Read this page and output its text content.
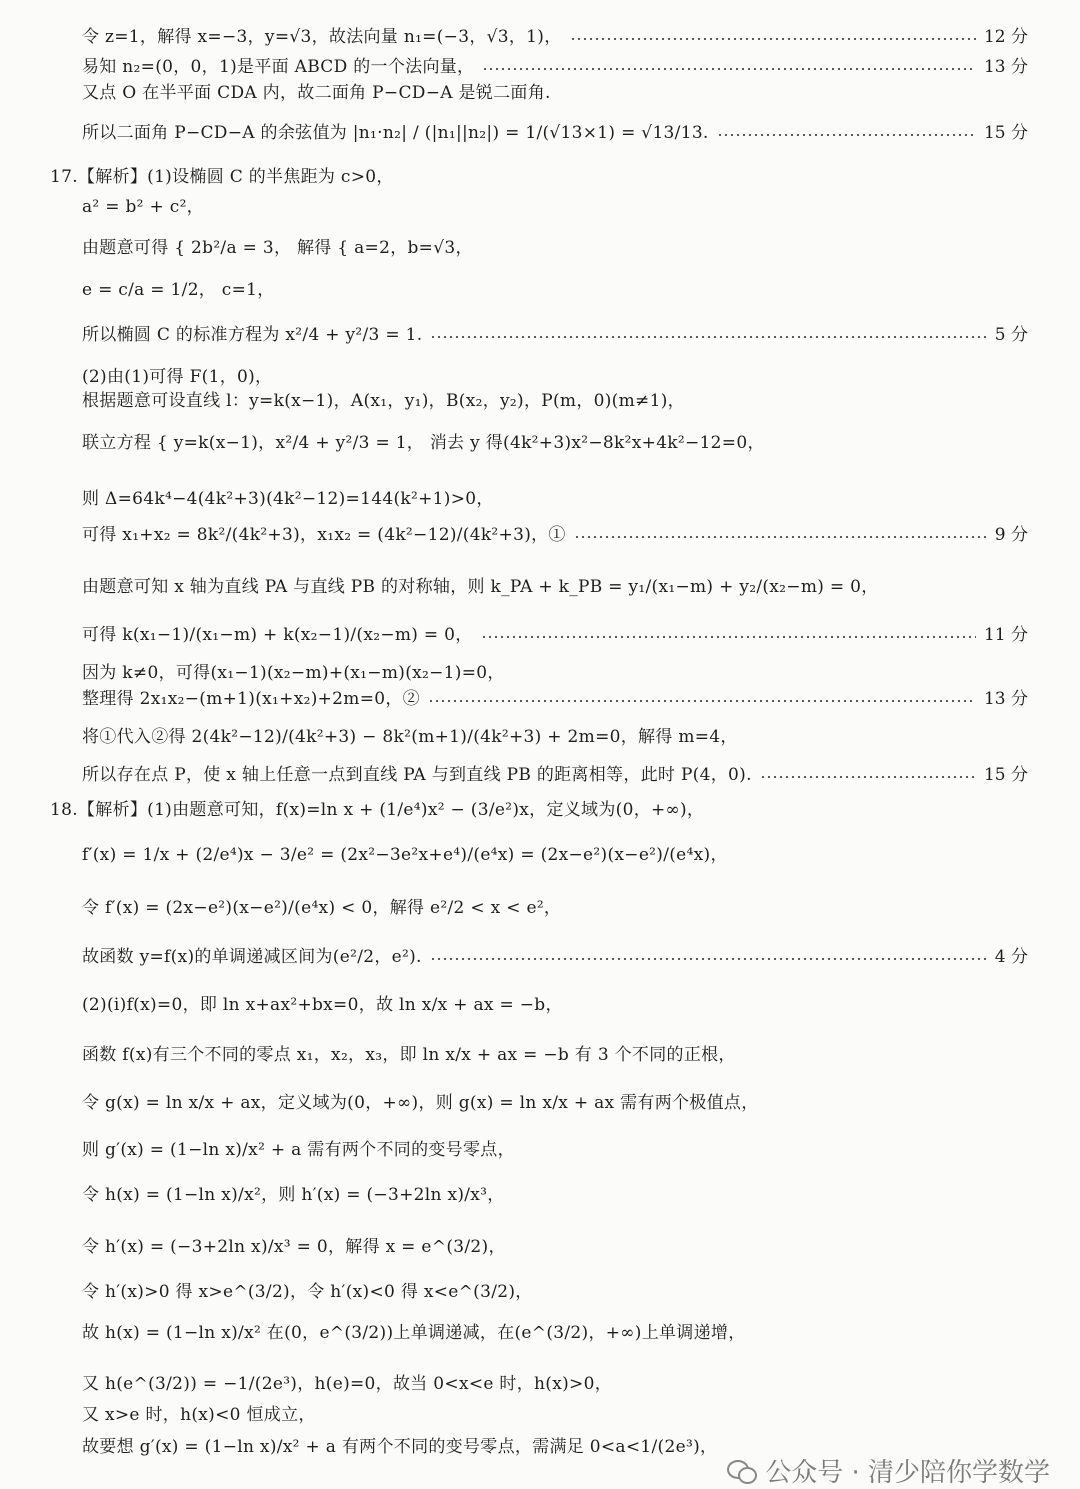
令 z=1，解得 x=−3，y=√3，故法向量 n₁=(−3，√3，1)，	12 分
易知 n₂=(0，0，1)是平面 ABCD 的一个法向量，	13 分
又点 O 在半平面 CDA 内，故二面角 P−CD−A 是锐二面角.
所以二面角 P−CD−A 的余弦值为 |n₁·n₂| / (|n₁||n₂|) = 1/(√13×1) = √13/13.	15 分
17.【解析】(1)设椭圆 C 的半焦距为 c>0，
a² = b² + c²，
由题意可得 { 2b²/a = 3， 解得 { a=2，b=√3，
e = c/a = 1/2， c=1，
所以椭圆 C 的标准方程为 x²/4 + y²/3 = 1.	5 分
(2)由(1)可得 F(1，0)，
根据题意可设直线 l：y=k(x−1)，A(x₁，y₁)，B(x₂，y₂)，P(m，0)(m≠1)，
联立方程 { y=k(x−1)，x²/4 + y²/3 = 1， 消去 y 得(4k²+3)x²−8k²x+4k²−12=0，
则 Δ=64k⁴−4(4k²+3)(4k²−12)=144(k²+1)>0，
可得 x₁+x₂ = 8k²/(4k²+3)，x₁x₂ = (4k²−12)/(4k²+3)，①	9 分
由题意可知 x 轴为直线 PA 与直线 PB 的对称轴，则 k_PA + k_PB = y₁/(x₁−m) + y₂/(x₂−m) = 0，
可得 k(x₁−1)/(x₁−m) + k(x₂−1)/(x₂−m) = 0，	11 分
因为 k≠0，可得(x₁−1)(x₂−m)+(x₁−m)(x₂−1)=0，
整理得 2x₁x₂−(m+1)(x₁+x₂)+2m=0，②	13 分
将①代入②得 2(4k²−12)/(4k²+3) − 8k²(m+1)/(4k²+3) + 2m=0，解得 m=4，
所以存在点 P，使 x 轴上任意一点到直线 PA 与到直线 PB 的距离相等，此时 P(4，0).	15 分
18.【解析】(1)由题意可知，f(x)=ln x + (1/e⁴)x² − (3/e²)x，定义域为(0，+∞)，
f′(x) = 1/x + (2/e⁴)x − 3/e² = (2x²−3e²x+e⁴)/(e⁴x) = (2x−e²)(x−e²)/(e⁴x)，
令 f′(x) = (2x−e²)(x−e²)/(e⁴x) < 0，解得 e²/2 < x < e²，
故函数 y=f(x)的单调递减区间为(e²/2，e²).	4 分
(2)(ⅰ)f(x)=0，即 ln x+ax²+bx=0，故 ln x/x + ax = −b，
函数 f(x)有三个不同的零点 x₁，x₂，x₃，即 ln x/x + ax = −b 有 3 个不同的正根，
令 g(x) = ln x/x + ax，定义域为(0，+∞)，则 g(x) = ln x/x + ax 需有两个极值点，
则 g′(x) = (1−ln x)/x² + a 需有两个不同的变号零点，
令 h(x) = (1−ln x)/x²，则 h′(x) = (−3+2ln x)/x³，
令 h′(x) = (−3+2ln x)/x³ = 0，解得 x = e^(3/2)，
令 h′(x)>0 得 x>e^(3/2)，令 h′(x)<0 得 x<e^(3/2)，
故 h(x) = (1−ln x)/x² 在(0，e^(3/2))上单调递减，在(e^(3/2)，+∞)上单调递增，
又 h(e^(3/2)) = −1/(2e³)，h(e)=0，故当 0<x<e 时，h(x)>0，
又 x>e 时，h(x)<0 恒成立，
故要想 g′(x) = (1−ln x)/x² + a 有两个不同的变号零点，需满足 0<a<1/(2e³)，
公众号 · 清少陪你学数学
